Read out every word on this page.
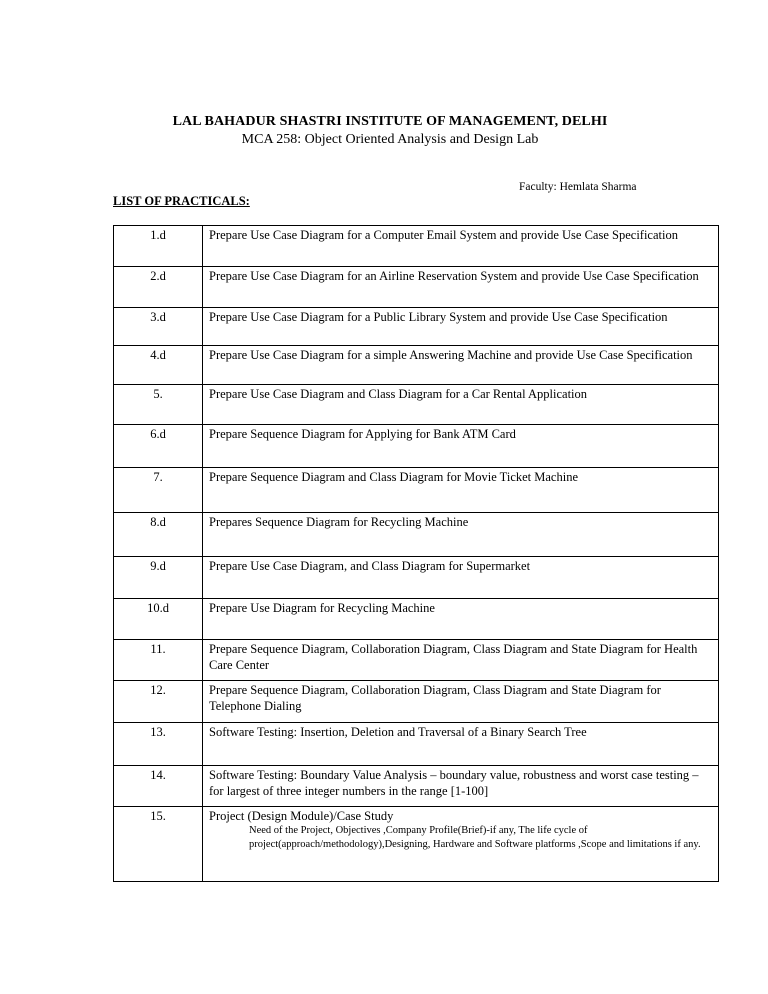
LAL BAHADUR SHASTRI INSTITUTE OF MANAGEMENT, DELHI
MCA 258: Object Oriented Analysis and Design Lab
Faculty: Hemlata Sharma
LIST OF PRACTICALS:
1.d	Prepare Use Case Diagram for a Computer Email System and provide Use Case Specification
2.d	Prepare Use Case Diagram for an Airline Reservation System and provide Use Case Specification
3.d	Prepare Use Case Diagram for a Public Library System and provide Use Case Specification
4.d	Prepare Use Case Diagram for a simple Answering Machine and provide Use Case Specification
5.	Prepare Use Case Diagram and Class Diagram for a Car Rental Application
6.d	Prepare Sequence Diagram for Applying for Bank ATM Card
7.	Prepare Sequence Diagram and Class Diagram for Movie Ticket Machine
8.d	Prepares Sequence Diagram for Recycling Machine
9.d	Prepare Use Case Diagram, and Class Diagram for Supermarket
10.d	Prepare Use Diagram for Recycling Machine
11.	Prepare Sequence Diagram, Collaboration Diagram, Class Diagram and State Diagram for Health Care Center
12.	Prepare Sequence Diagram, Collaboration Diagram, Class Diagram and State Diagram for Telephone Dialing
13.	Software Testing: Insertion, Deletion and Traversal of a Binary Search Tree
14.	Software Testing: Boundary Value Analysis – boundary value, robustness and worst case testing – for largest of three integer numbers in the range [1-100]
15.	Project (Design Module)/Case Study
Need of the Project, Objectives ,Company Profile(Brief)-if any, The life cycle of project(approach/methodology),Designing, Hardware and Software platforms ,Scope and limitations if any.
